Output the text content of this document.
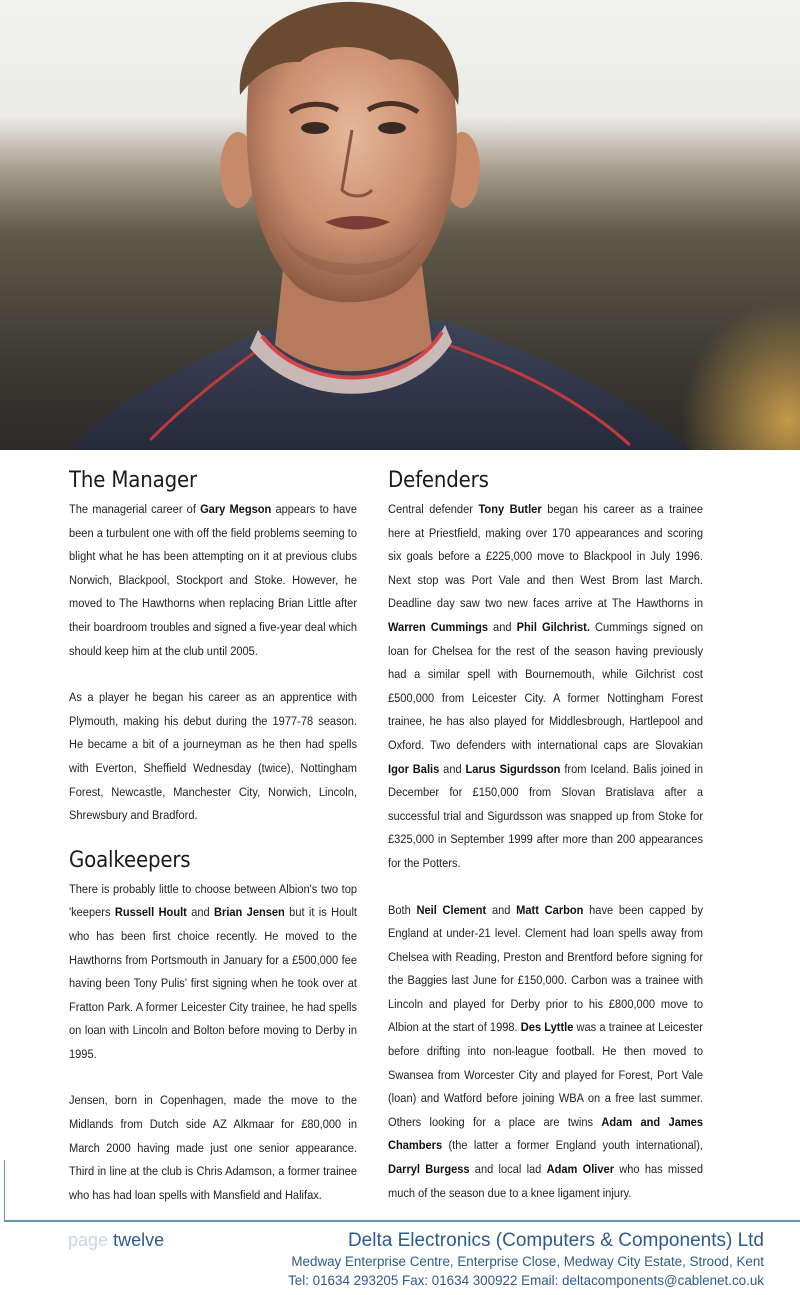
The Manager

The managerial career of Gary Megson appears to have been a turbulent one with off the field problems seeming to blight what he has been attempting on it at previous clubs Norwich, Blackpool, Stockport and Stoke. However, he moved to The Hawthorns when replacing Brian Little after their boardroom troubles and signed a five-year deal which should keep him at the club until 2005.

As a player he began his career as an apprentice with Plymouth, making his debut during the 1977-78 season. He became a bit of a journeyman as he then had spells with Everton, Sheffield Wednesday (twice), Nottingham Forest, Newcastle, Manchester City, Norwich, Lincoln, Shrewsbury and Bradford.

Goalkeepers

There is probably little to choose between Albion's two top 'keepers Russell Hoult and Brian Jensen but it is Hoult who has been first choice recently. He moved to the Hawthorns from Portsmouth in January for a £500,000 fee having been Tony Pulis' first signing when he took over at Fratton Park. A former Leicester City trainee, he had spells on loan with Lincoln and Bolton before moving to Derby in 1995.

Jensen, born in Copenhagen, made the move to the Midlands from Dutch side AZ Alkmaar for £80,000 in March 2000 having made just one senior appearance. Third in line at the club is Chris Adamson, a former trainee who has had loan spells with Mansfield and Halifax.

Defenders

Central defender Tony Butler began his career as a trainee here at Priestfield, making over 170 appearances and scoring six goals before a £225,000 move to Blackpool in July 1996. Next stop was Port Vale and then West Brom last March. Deadline day saw two new faces arrive at The Hawthorns in Warren Cummings and Phil Gilchrist. Cummings signed on loan for Chelsea for the rest of the season having previously had a similar spell with Bournemouth, while Gilchrist cost £500,000 from Leicester City. A former Nottingham Forest trainee, he has also played for Middlesbrough, Hartlepool and Oxford. Two defenders with international caps are Slovakian Igor Balis and Larus Sigurdsson from Iceland. Balis joined in December for £150,000 from Slovan Bratislava after a successful trial and Sigurdsson was snapped up from Stoke for £325,000 in September 1999 after more than 200 appearances for the Potters.

Both Neil Clement and Matt Carbon have been capped by England at under-21 level. Clement had loan spells away from Chelsea with Reading, Preston and Brentford before signing for the Baggies last June for £150,000. Carbon was a trainee with Lincoln and played for Derby prior to his £800,000 move to Albion at the start of 1998. Des Lyttle was a trainee at Leicester before drifting into non-league football. He then moved to Swansea from Worcester City and played for Forest, Port Vale (loan) and Watford before joining WBA on a free last summer. Others looking for a place are twins Adam and James Chambers (the latter a former England youth international), Darryl Burgess and local lad Adam Oliver who has missed much of the season due to a knee ligament injury.

page twelve	Delta Electronics (Computers & Components) Ltd
Medway Enterprise Centre, Enterprise Close, Medway City Estate, Strood, Kent
Tel: 01634 293205 Fax: 01634 300922 Email: deltacomponents@cablenet.co.uk
